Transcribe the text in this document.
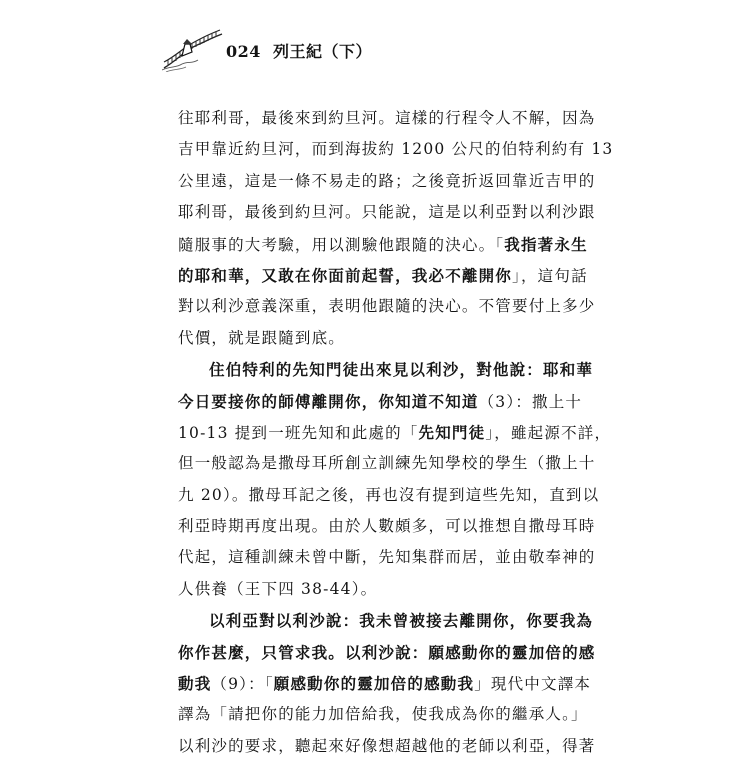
024 列王紀（下）
往耶利哥，最後來到約旦河。這樣的行程令人不解，因為
吉甲靠近約旦河，而到海拔約 1200 公尺的伯特利約有 13
公里遠，這是一條不易走的路；之後竟折返回靠近吉甲的
耶利哥，最後到約旦河。只能說，這是以利亞對以利沙跟
隨服事的大考驗，用以測驗他跟隨的決心。「我指著永生
的耶和華，又敢在你面前起誓，我必不離開你」，這句話
對以利沙意義深重，表明他跟隨的決心。不管要付上多少
代價，就是跟隨到底。
住伯特利的先知門徒出來見以利沙，對他說：耶和華
今日要接你的師傅離開你，你知道不知道（3）：撒上十
10-13 提到一班先知和此處的「先知門徒」，雖起源不詳，
但一般認為是撒母耳所創立訓練先知學校的學生（撒上十
九 20）。撒母耳記之後，再也沒有提到這些先知，直到以
利亞時期再度出現。由於人數頗多，可以推想自撒母耳時
代起，這種訓練未曾中斷，先知集群而居，並由敬奉神的
人供養（王下四 38-44）。
以利亞對以利沙說：我未曾被接去離開你，你要我為
你作甚麼，只管求我。以利沙說：願感動你的靈加倍的感
動我（9）：「願感動你的靈加倍的感動我」現代中文譯本
譯為「請把你的能力加倍給我，使我成為你的繼承人。」
以利沙的要求，聽起來好像想超越他的老師以利亞，得著
